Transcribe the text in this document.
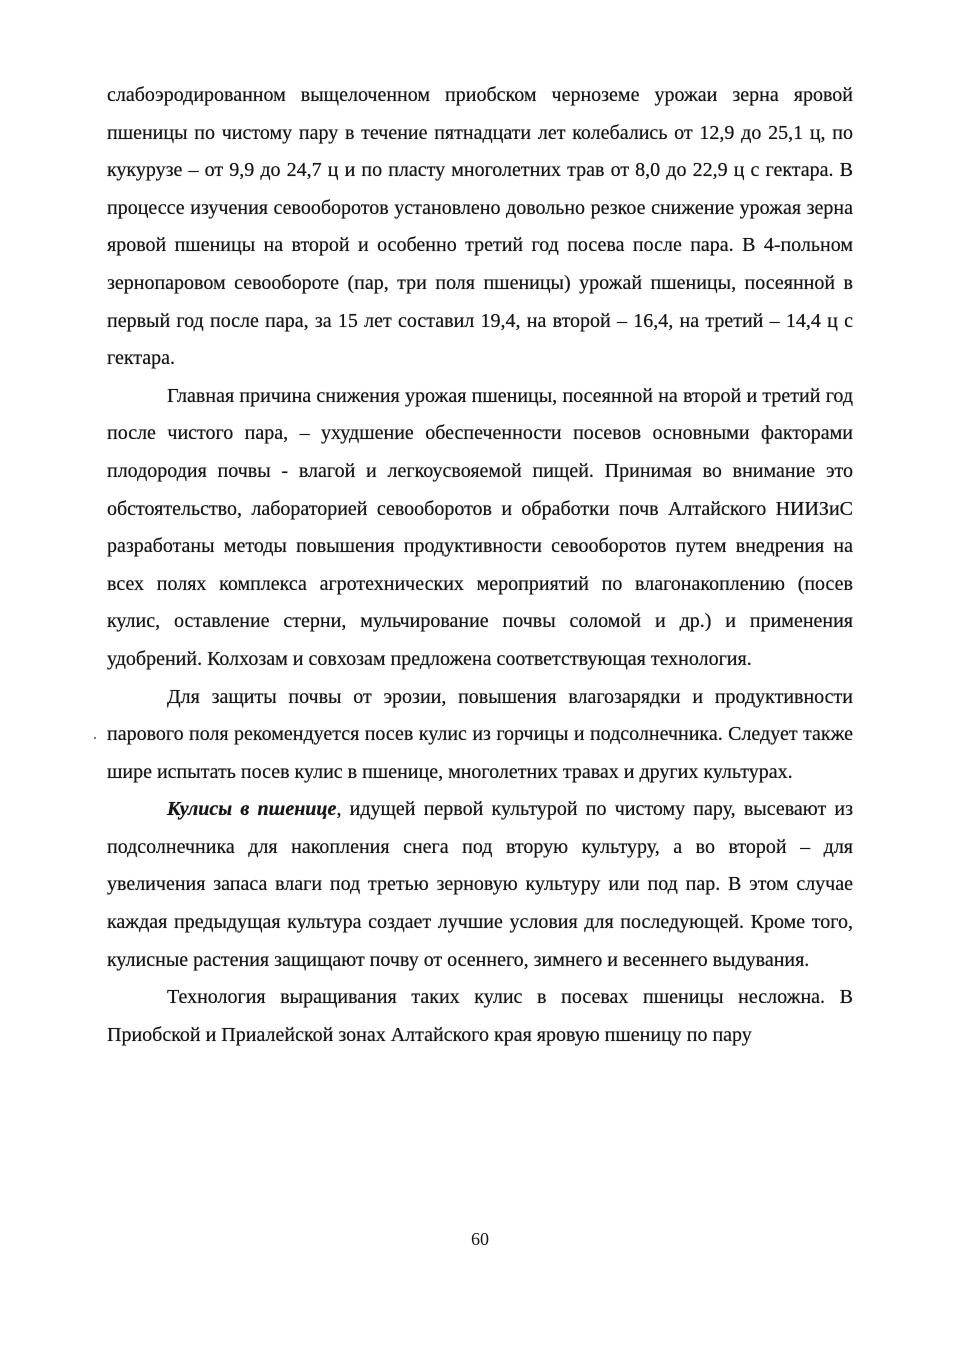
слабоэродированном выщелоченном приобском черноземе урожаи зерна яровой пшеницы по чистому пару в течение пятнадцати лет колебались от 12,9 до 25,1 ц, по кукурузе – от 9,9 до 24,7 ц и по пласту многолетних трав от 8,0 до 22,9 ц с гектара. В процессе изучения севооборотов установлено довольно резкое снижение урожая зерна яровой пшеницы на второй и особенно третий год посева после пара. В 4-польном зернопаровом севообороте (пар, три поля пшеницы) урожай пшеницы, посеянной в первый год после пара, за 15 лет составил 19,4, на второй – 16,4, на третий – 14,4 ц с гектара.

Главная причина снижения урожая пшеницы, посеянной на второй и третий год после чистого пара, – ухудшение обеспеченности посевов основными факторами плодородия почвы - влагой и легкоусвояемой пищей. Принимая во внимание это обстоятельство, лабораторией севооборотов и обработки почв Алтайского НИИЗиС разработаны методы повышения продуктивности севооборотов путем внедрения на всех полях комплекса агротехнических мероприятий по влагонакоплению (посев кулис, оставление стерни, мульчирование почвы соломой и др.) и применения удобрений. Колхозам и совхозам предложена соответствующая технология.

Для защиты почвы от эрозии, повышения влагозарядки и продуктивности парового поля рекомендуется посев кулис из горчицы и подсолнечника. Следует также шире испытать посев кулис в пшенице, многолетних травах и других культурах.

Кулисы в пшенице, идущей первой культурой по чистому пару, высевают из подсолнечника для накопления снега под вторую культуру, а во второй – для увеличения запаса влаги под третью зерновую культуру или под пар. В этом случае каждая предыдущая культура создает лучшие условия для последующей. Кроме того, кулисные растения защищают почву от осеннего, зимнего и весеннего выдувания.

Технология выращивания таких кулис в посевах пшеницы несложна. В Приобской и Приалейской зонах Алтайского края яровую пшеницу по пару

60
